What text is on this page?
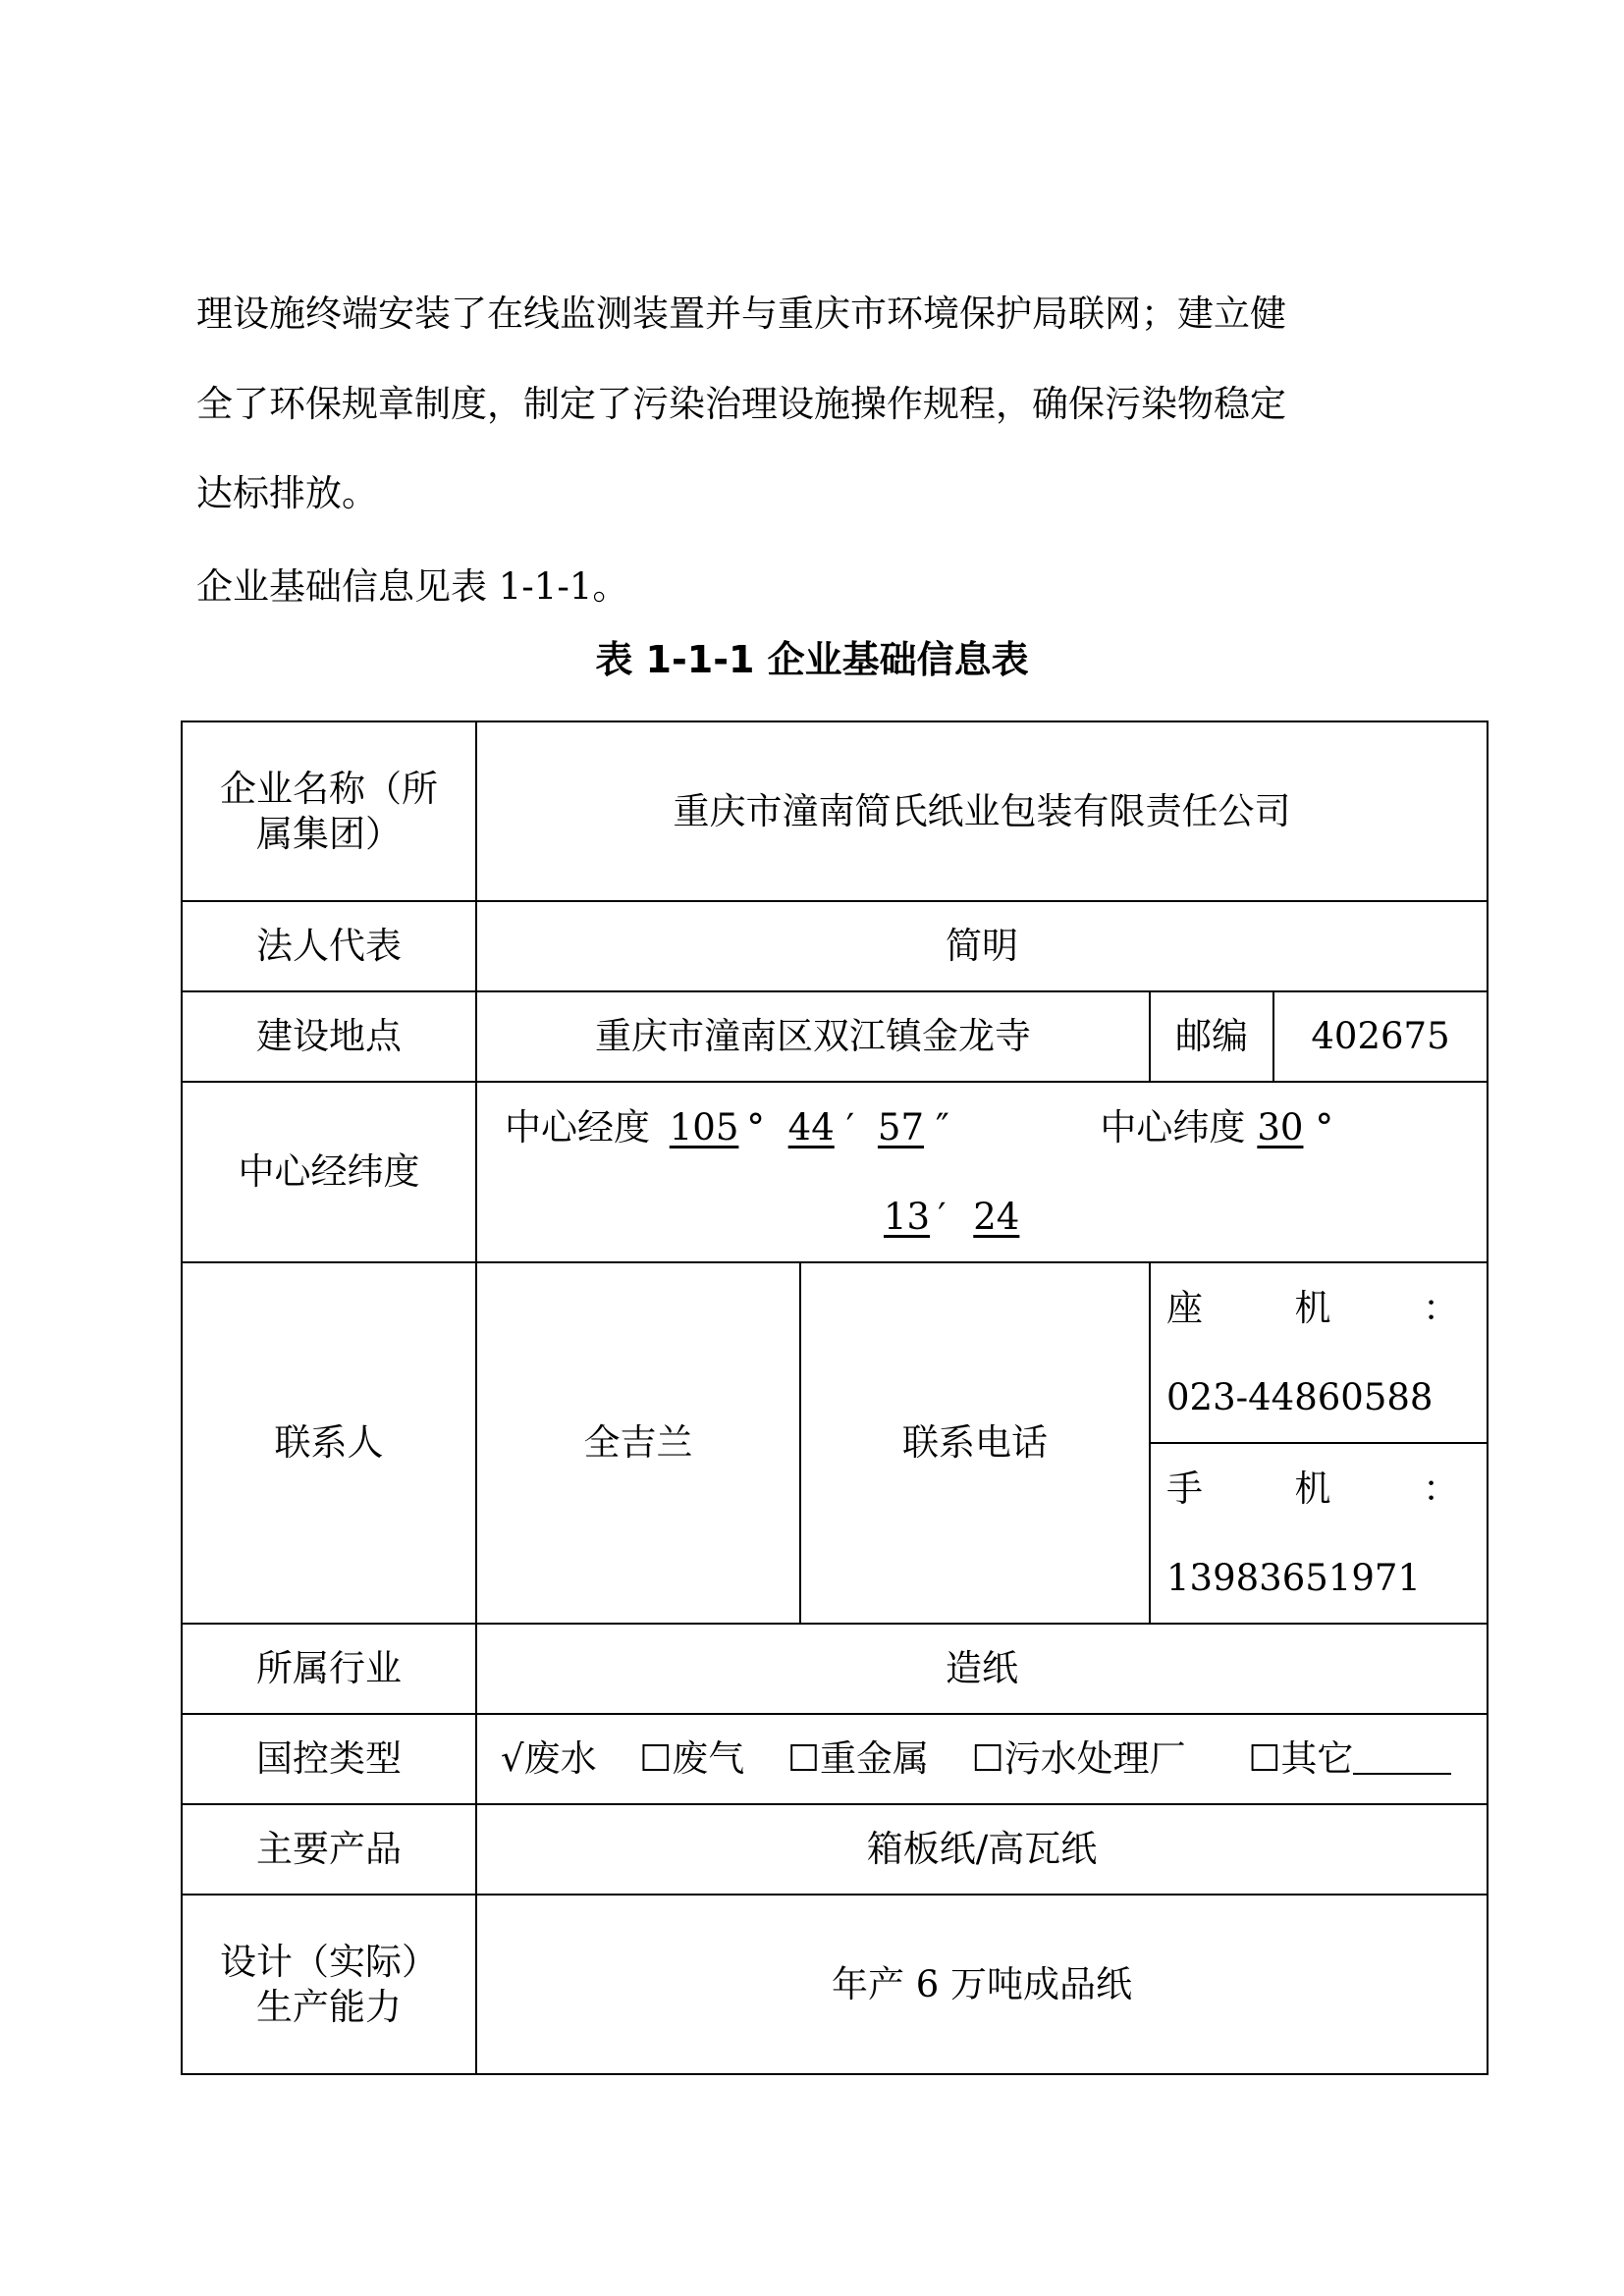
理设施终端安装了在线监测装置并与重庆市环境保护局联网；建立健
全了环保规章制度，制定了污染治理设施操作规程，确保污染物稳定
达标排放。
企业基础信息见表 1-1-1。
表 1-1-1 企业基础信息表
企业名称（所
属集团）	重庆市潼南简氏纸业包装有限责任公司			
法人代表	简明			
建设地点	重庆市潼南区双江镇金龙寺		邮编	402675
中心经纬度	中心经度 105 ° 44 ′ 57 ″ 中心纬度 30 °
13 ′ 24			

联系人	全吉兰	联系电话	座 机 ：
023-44860588	

			手 机 ：
13983651971	

所属行业	造纸			
国控类型	√废水 ☐废气 ☐重金属 ☐污水处理厂 ☐其它			
主要产品	箱板纸/高瓦纸			

设计（实际）
生产能力	年产 6 万吨成品纸			
